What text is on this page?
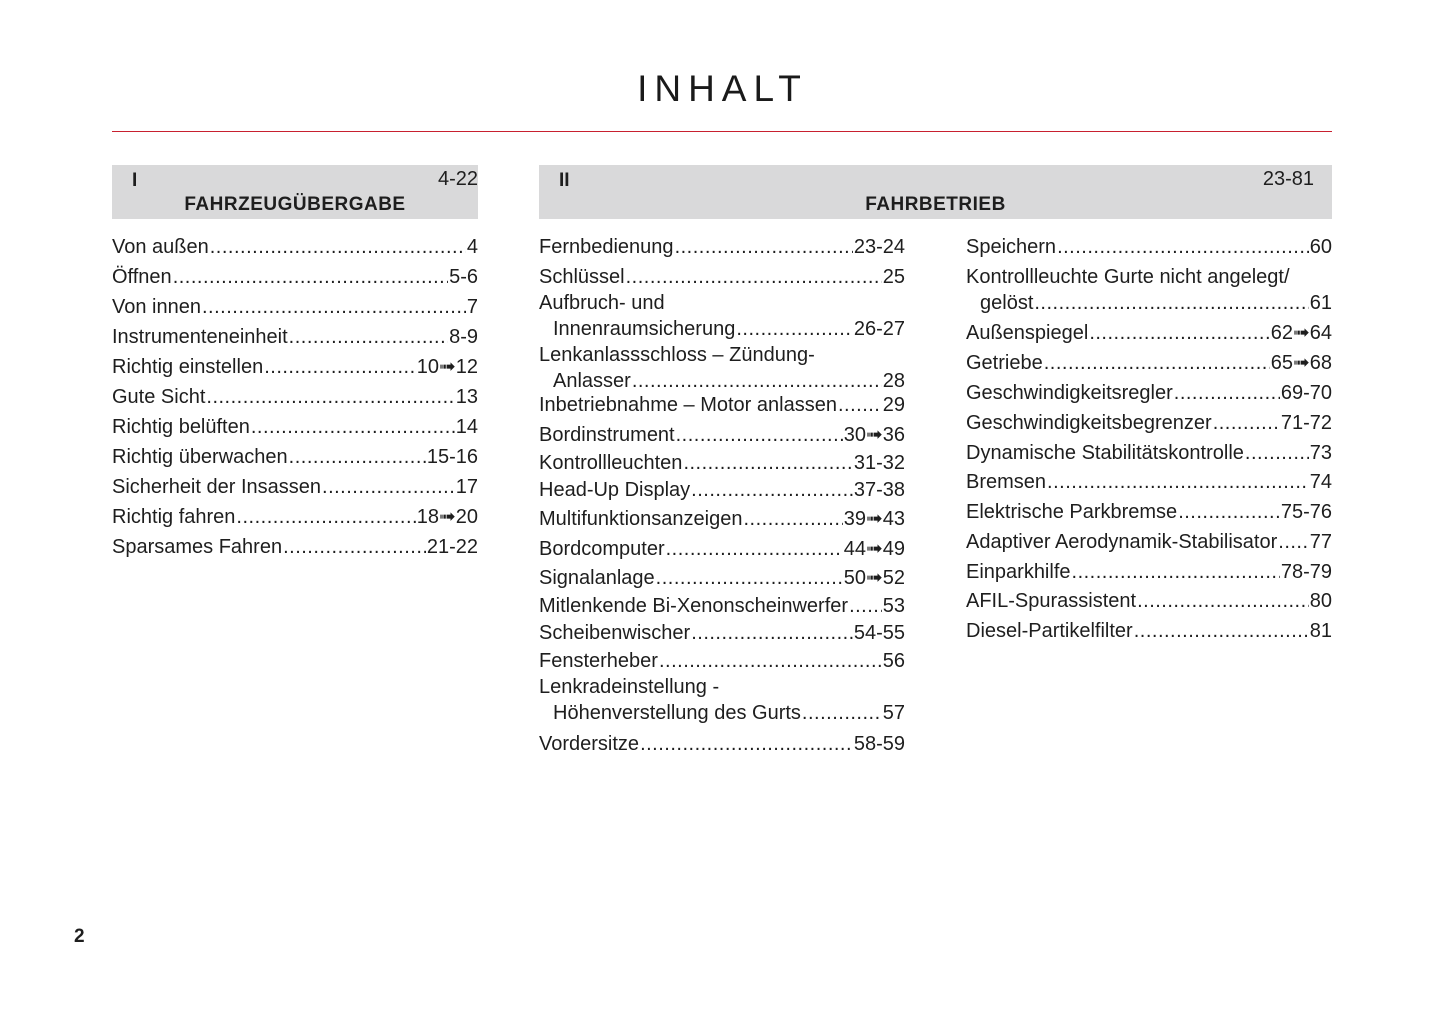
INHALT
I	4-22
FAHRZEUGÜBERGABE
II	23-81
FAHRBETRIEB
Von außen .....	4
Öffnen .....	5-6
Von innen .....	7
Instrumenteneinheit .....	8-9
Richtig einstellen .....	10➟12
Gute Sicht .....	13
Richtig belüften .....	14
Richtig überwachen .....	15-16
Sicherheit der Insassen .....	17
Richtig fahren .....	18➟20
Sparsames Fahren .....	21-22
Fernbedienung .....	23-24
Schlüssel .....	25
Aufbruch- und
Innenraumsicherung .....	26-27
Lenkanlassschloss – Zündung-
Anlasser .....	28
Inbetriebnahme – Motor anlassen ..... 29
Bordinstrument .....	30➟36
Kontrollleuchten .....	31-32
Head-Up Display .....	37-38
Multifunktionsanzeigen .....	39➟43
Bordcomputer .....	44➟49
Signalanlage .....	50➟52
Mitlenkende Bi-Xenonscheinwerfer ..... 53
Scheibenwischer .....	54-55
Fensterheber .....	56
Lenkradeinstellung -
Höhenverstellung des Gurts .....	57
Vordersitze .....	58-59
Speichern .....	60
Kontrollleuchte Gurte nicht angelegt/
gelöst .....	61
Außenspiegel .....	62➟64
Getriebe .....	65➟68
Geschwindigkeitsregler .....	69-70
Geschwindigkeitsbegrenzer .....	71-72
Dynamische Stabilitätskontrolle .....	73
Bremsen .....	74
Elektrische Parkbremse .....	75-76
Adaptiver Aerodynamik-Stabilisator ..... 77
Einparkhilfe .....	78-79
AFIL-Spurassistent .....	80
Diesel-Partikelfilter .....	81
2
